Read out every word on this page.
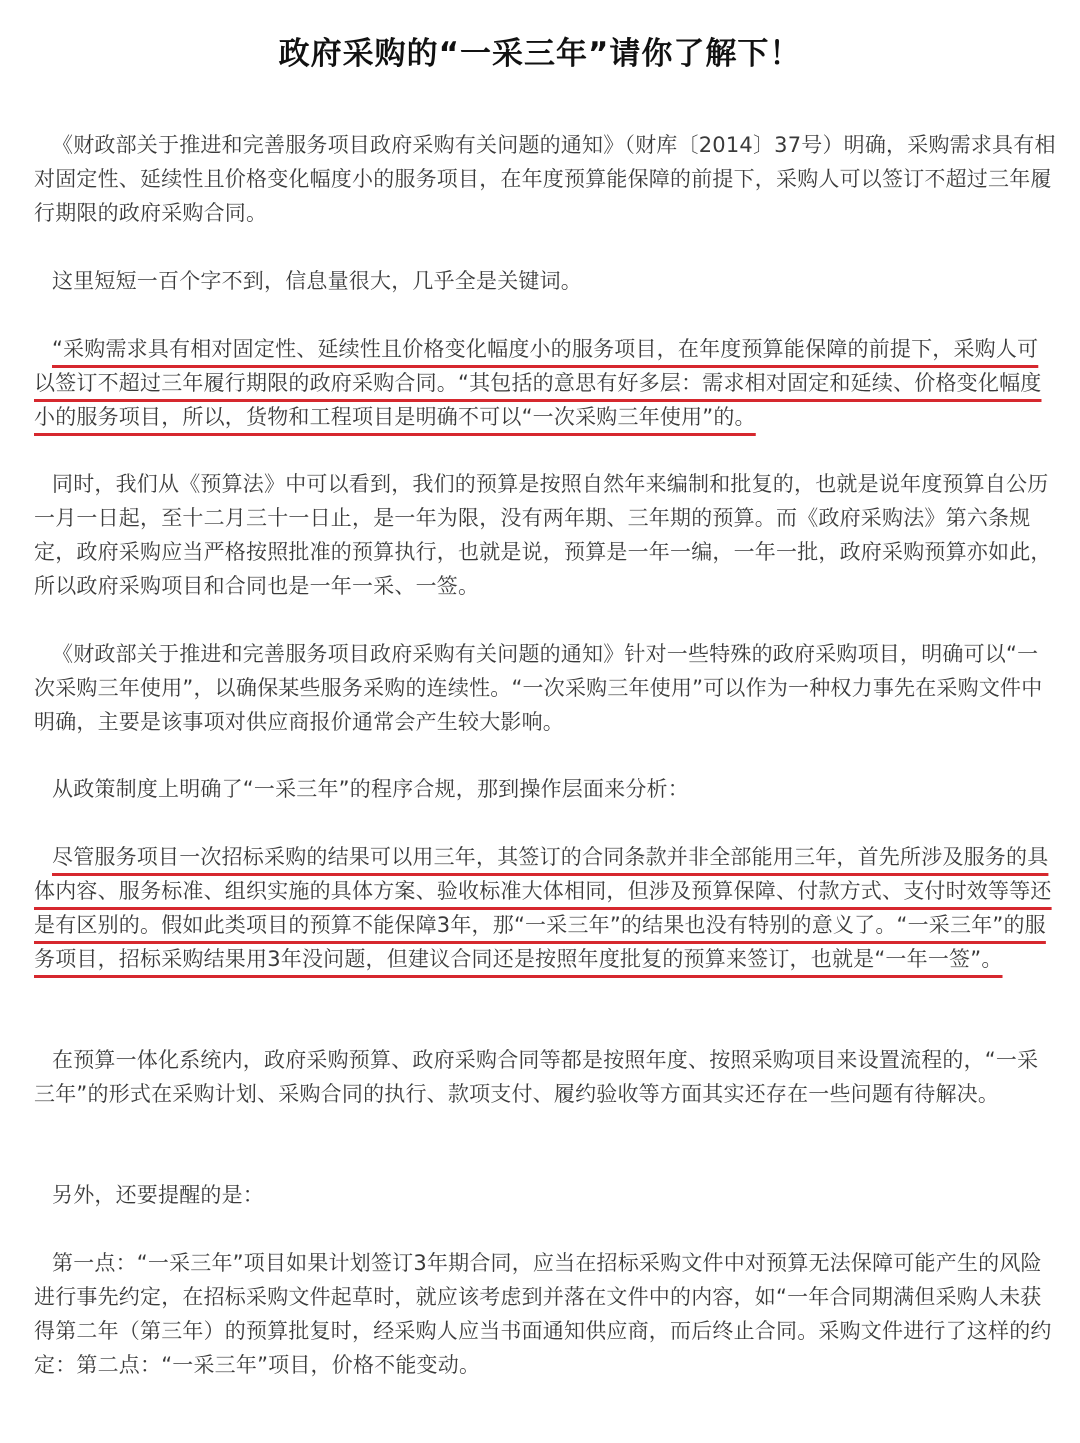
政府采购的“一采三年”请你了解下！

《财政部关于推进和完善服务项目政府采购有关问题的通知》（财库〔2014〕37号）明确，采购需求具有相对固定性、延续性且价格变化幅度小的服务项目，在年度预算能保障的前提下，采购人可以签订不超过三年履行期限的政府采购合同。

这里短短一百个字不到，信息量很大，几乎全是关键词。

“采购需求具有相对固定性、延续性且价格变化幅度小的服务项目，在年度预算能保障的前提下，采购人可以签订不超过三年履行期限的政府采购合同。“其包括的意思有好多层：需求相对固定和延续、价格变化幅度小的服务项目，所以，货物和工程项目是明确不可以“一次采购三年使用”的。

同时，我们从《预算法》中可以看到，我们的预算是按照自然年来编制和批复的，也就是说年度预算自公历一月一日起，至十二月三十一日止，是一年为限，没有两年期、三年期的预算。而《政府采购法》第六条规定，政府采购应当严格按照批准的预算执行，也就是说，预算是一年一编，一年一批，政府采购预算亦如此，所以政府采购项目和合同也是一年一采、一签。

《财政部关于推进和完善服务项目政府采购有关问题的通知》针对一些特殊的政府采购项目，明确可以“一次采购三年使用”，以确保某些服务采购的连续性。“一次采购三年使用”可以作为一种权力事先在采购文件中明确，主要是该事项对供应商报价通常会产生较大影响。

从政策制度上明确了“一采三年”的程序合规，那到操作层面来分析：

尽管服务项目一次招标采购的结果可以用三年，其签订的合同条款并非全部能用三年，首先所涉及服务的具体内容、服务标准、组织实施的具体方案、验收标准大体相同，但涉及预算保障、付款方式、支付时效等等还是有区别的。假如此类项目的预算不能保障3年，那“一采三年”的结果也没有特别的意义了。“一采三年”的服务项目，招标采购结果用3年没问题，但建议合同还是按照年度批复的预算来签订，也就是“一年一签”。

在预算一体化系统内，政府采购预算、政府采购合同等都是按照年度、按照采购项目来设置流程的，“一采三年”的形式在采购计划、采购合同的执行、款项支付、履约验收等方面其实还存在一些问题有待解决。

另外，还要提醒的是：

第一点：“一采三年”项目如果计划签订3年期合同，应当在招标采购文件中对预算无法保障可能产生的风险进行事先约定，在招标采购文件起草时，就应该考虑到并落在文件中的内容，如“一年合同期满但采购人未获得第二年（第三年）的预算批复时，经采购人应当书面通知供应商，而后终止合同。采购文件进行了这样的约定：第二点：“一采三年”项目，价格不能变动。
